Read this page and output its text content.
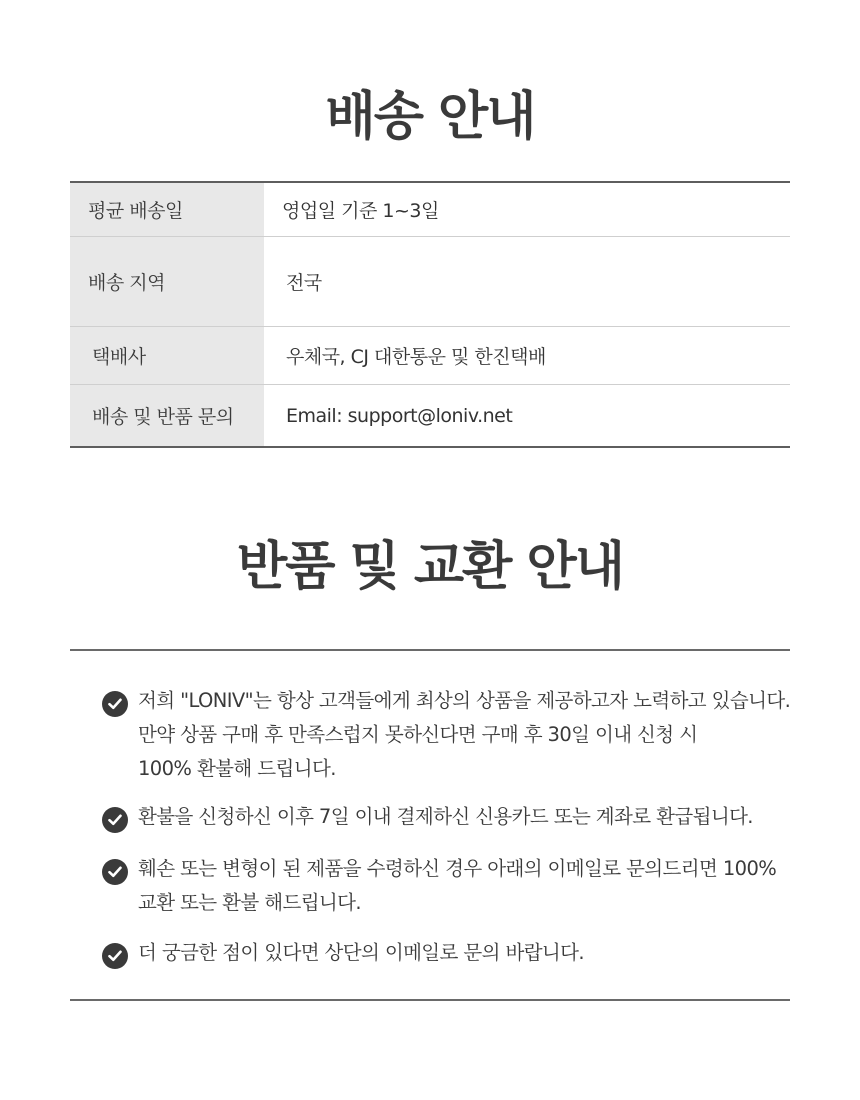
배송 안내
평균 배송일	영업일 기준 1~3일
배송 지역	전국
택배사	우체국, CJ 대한통운 및 한진택배
배송 및 반품 문의	Email: support@loniv.net
반품 및 교환 안내
저희 "LONIV"는 항상 고객들에게 최상의 상품을 제공하고자 노력하고 있습니다.
만약 상품 구매 후 만족스럽지 못하신다면 구매 후 30일 이내 신청 시
100% 환불해 드립니다.
환불을 신청하신 이후 7일 이내 결제하신 신용카드 또는 계좌로 환급됩니다.
훼손 또는 변형이 된 제품을 수령하신 경우 아래의 이메일로 문의드리면 100%
교환 또는 환불 해드립니다.
더 궁금한 점이 있다면 상단의 이메일로 문의 바랍니다.
